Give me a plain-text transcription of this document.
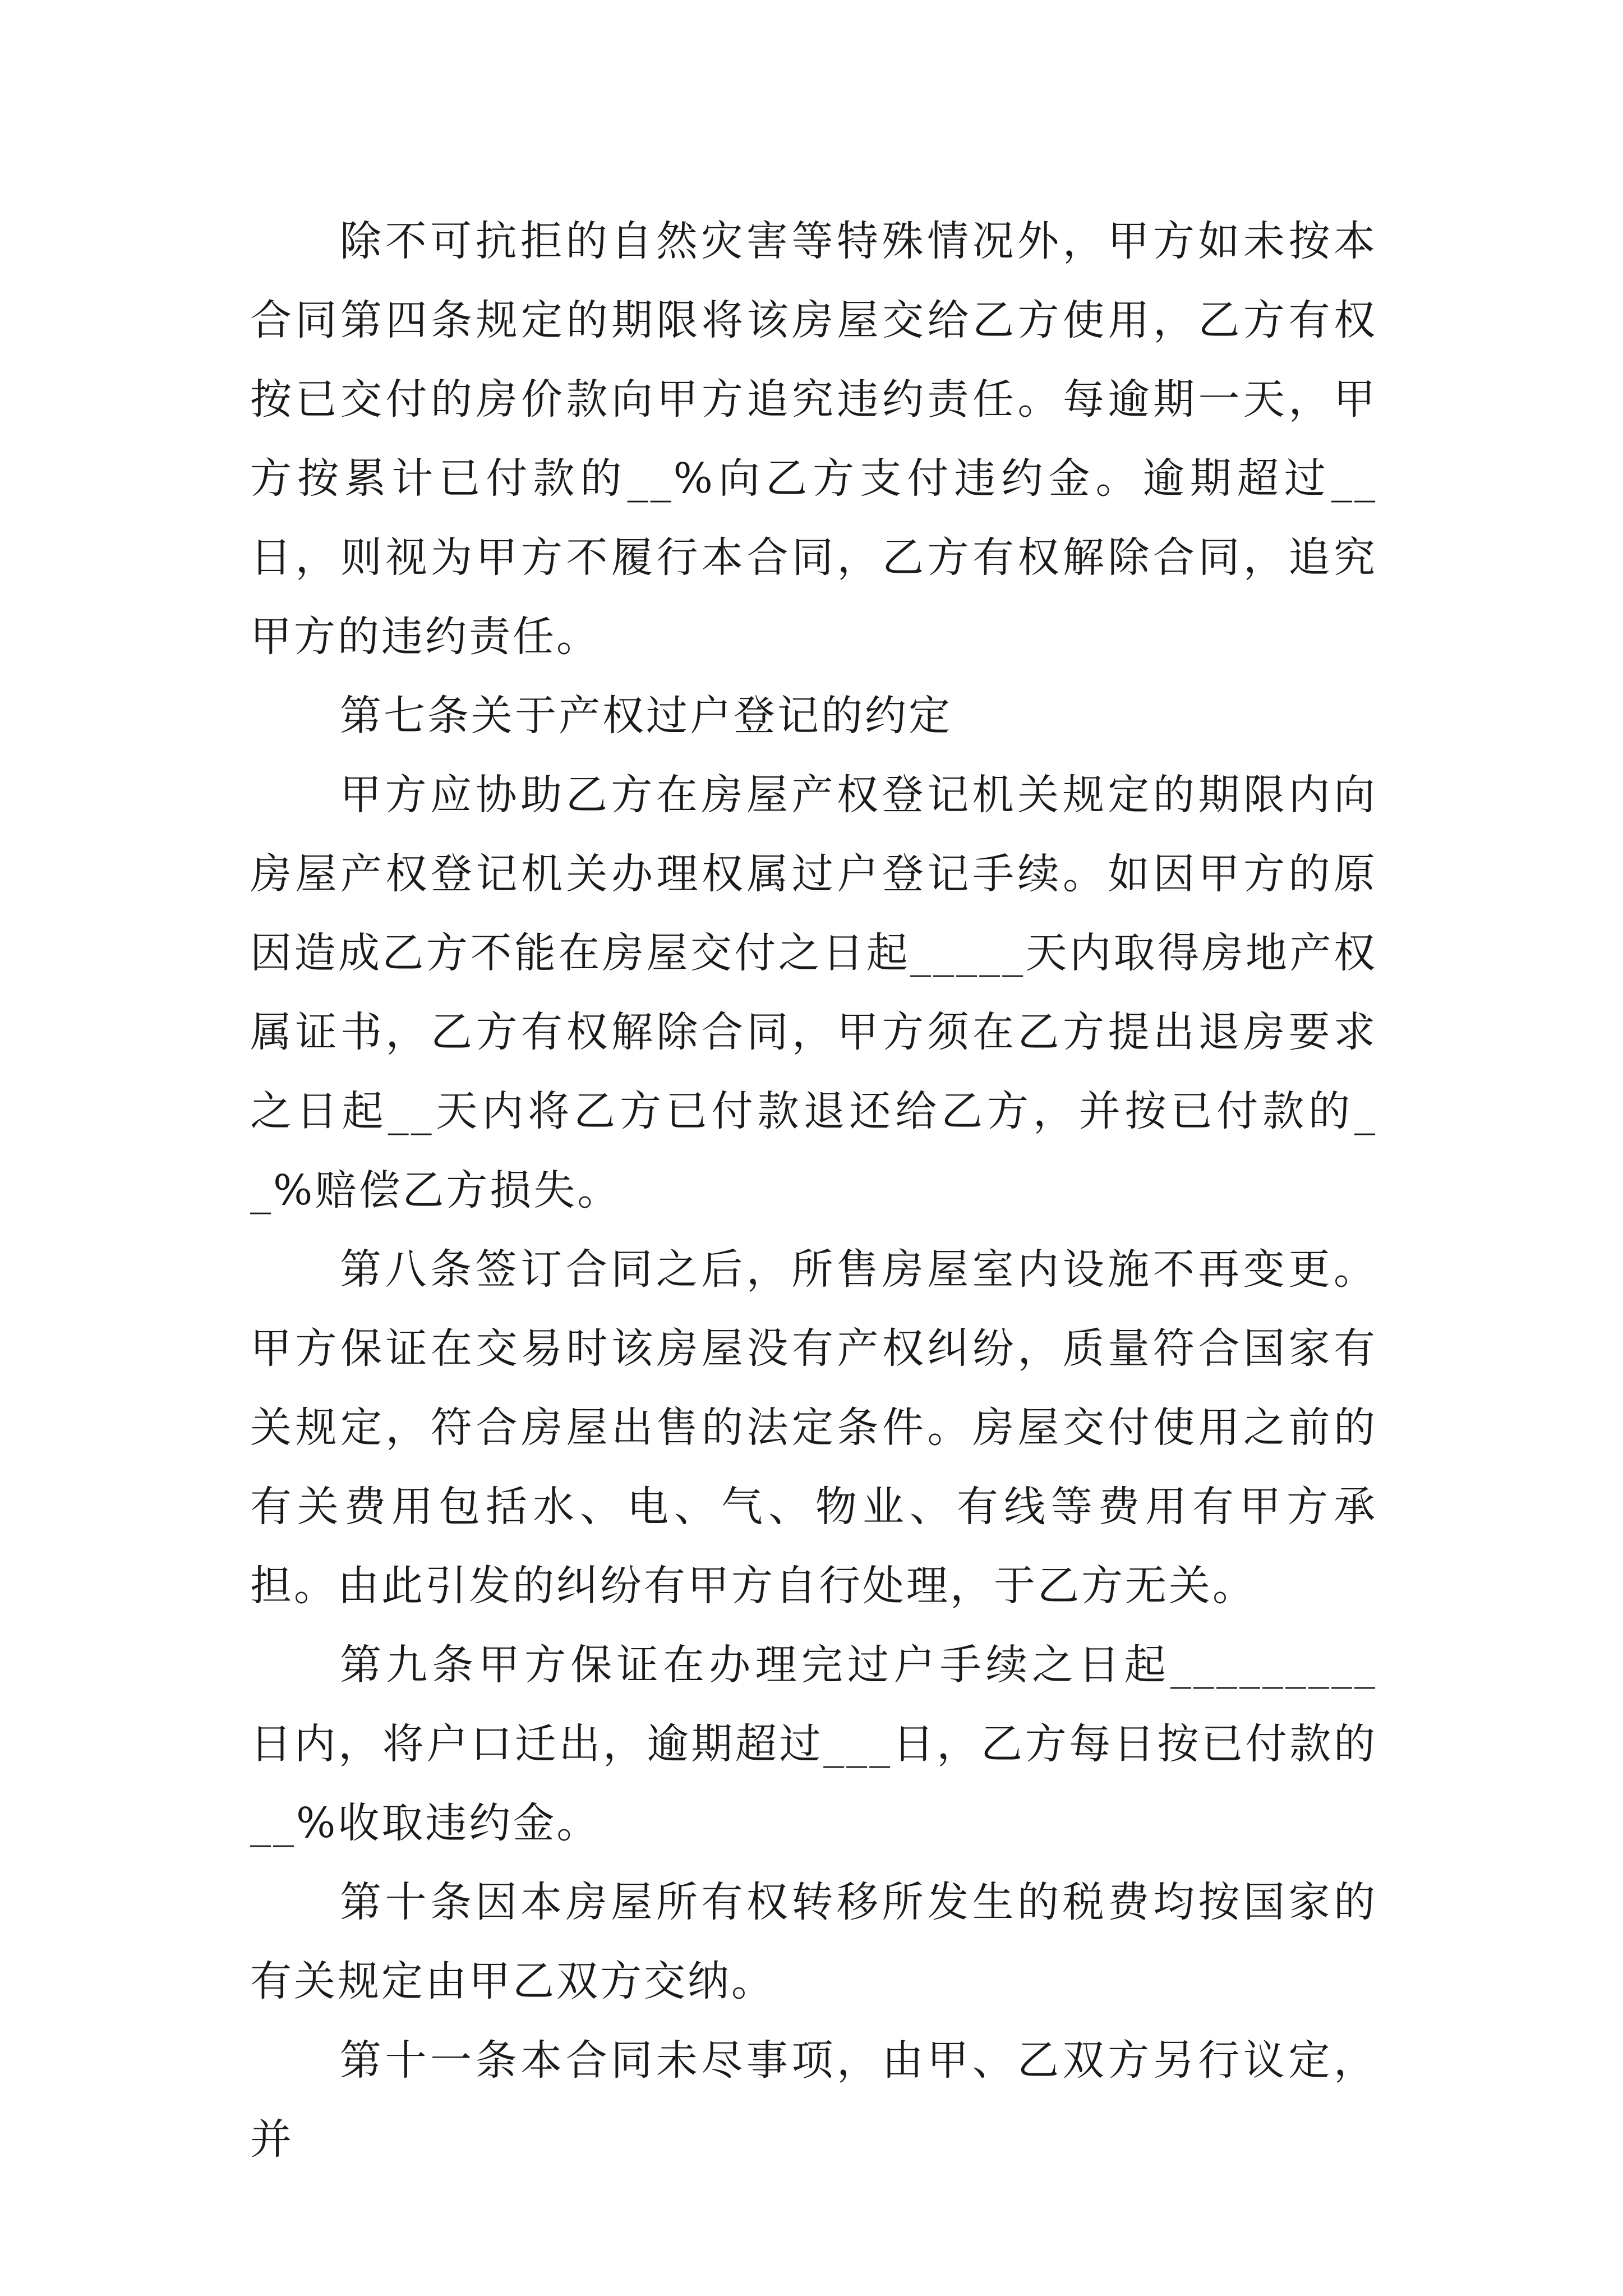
除不可抗拒的自然灾害等特殊情况外，甲方如未按本合同第四条规定的期限将该房屋交给乙方使用，乙方有权按已交付的房价款向甲方追究违约责任。每逾期一天，甲方按累计已付款的__%向乙方支付违约金。逾期超过__日，则视为甲方不履行本合同，乙方有权解除合同，追究甲方的违约责任。

第七条关于产权过户登记的约定

甲方应协助乙方在房屋产权登记机关规定的期限内向房屋产权登记机关办理权属过户登记手续。如因甲方的原因造成乙方不能在房屋交付之日起_____天内取得房地产权属证书，乙方有权解除合同，甲方须在乙方提出退房要求之日起__天内将乙方已付款退还给乙方，并按已付款的__%赔偿乙方损失。

第八条签订合同之后，所售房屋室内设施不再变更。甲方保证在交易时该房屋没有产权纠纷，质量符合国家有关规定，符合房屋出售的法定条件。房屋交付使用之前的有关费用包括水、电、气、物业、有线等费用有甲方承担。由此引发的纠纷有甲方自行处理，于乙方无关。

第九条甲方保证在办理完过户手续之日起_________日内，将户口迁出，逾期超过___日，乙方每日按已付款的__%收取违约金。

第十条因本房屋所有权转移所发生的税费均按国家的有关规定由甲乙双方交纳。

第十一条本合同未尽事项，由甲、乙双方另行议定，并
